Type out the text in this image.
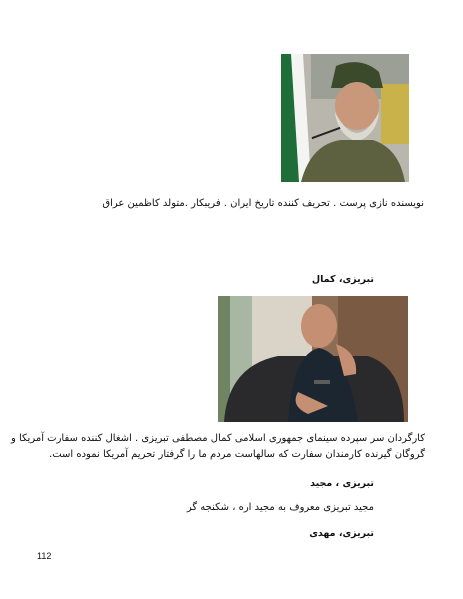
نویسنده نازی پرست . تحریف کننده تاریخ ایران . فریبکار .متولد کاظمین عراق
تبریزی، کمال
کارگردان سر سپرده سینمای جمهوری اسلامی کمال مصطفی تبریزی . اشغال کننده سفارت آمریکا و
گروگان گیرنده کارمندان سفارت که سالهاست مردم ما را گرفتار تحریم آمریکا نموده است.
تبریزی ، مجید
مجید تبریزی معروف به مجید اره ، شکنجه گر
تبریزی، مهدی
112
